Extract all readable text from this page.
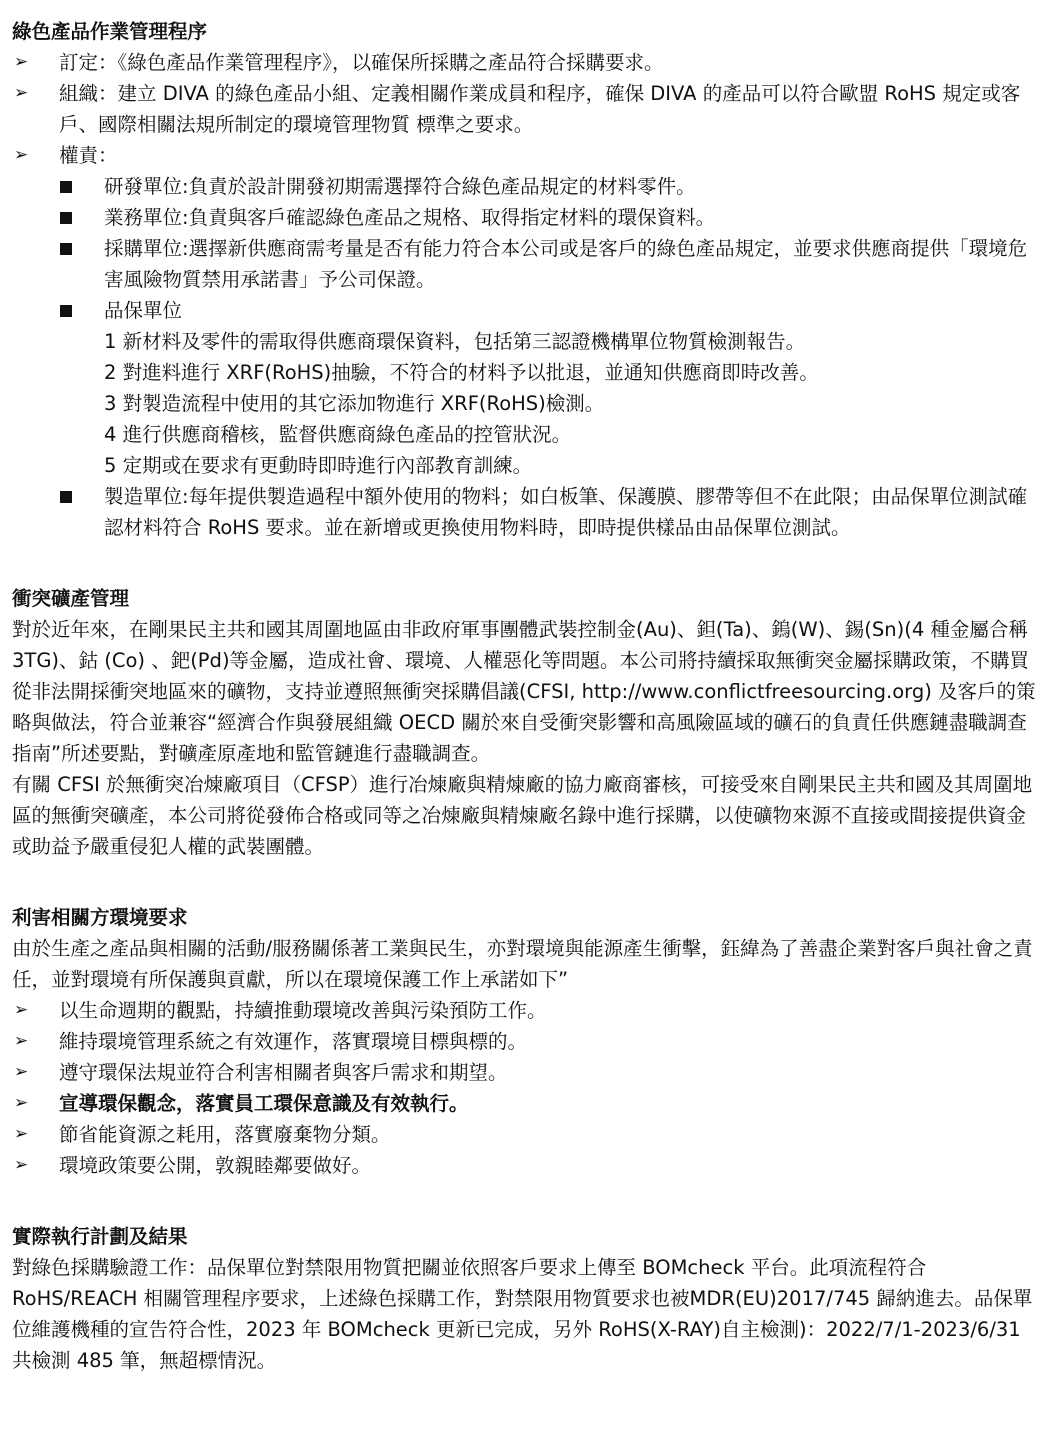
綠色產品作業管理程序
➢ 訂定：《綠色產品作業管理程序》，以確保所採購之產品符合採購要求。
➢ 組織：建立 DIVA 的綠色產品小組、定義相關作業成員和程序，確保 DIVA 的產品可以符合歐盟 RoHS 規定或客戶、國際相關法規所制定的環境管理物質 標準之要求。
➢ 權責：
研發單位:負責於設計開發初期需選擇符合綠色產品規定的材料零件。
業務單位:負責與客戶確認綠色產品之規格、取得指定材料的環保資料。
採購單位:選擇新供應商需考量是否有能力符合本公司或是客戶的綠色產品規定，並要求供應商提供「環境危害風險物質禁用承諾書」予公司保證。
品保單位
1 新材料及零件的需取得供應商環保資料，包括第三認證機構單位物質檢測報告。
2 對進料進行 XRF(RoHS)抽驗，不符合的材料予以批退，並通知供應商即時改善。
3 對製造流程中使用的其它添加物進行 XRF(RoHS)檢測。
4 進行供應商稽核，監督供應商綠色產品的控管狀況。
5 定期或在要求有更動時即時進行內部教育訓練。
製造單位:每年提供製造過程中額外使用的物料；如白板筆、保護膜、膠帶等但不在此限；由品保單位測試確認材料符合 RoHS 要求。並在新增或更換使用物料時，即時提供樣品由品保單位測試。
衝突礦產管理

對於近年來，在剛果民主共和國其周圍地區由非政府軍事團體武裝控制金(Au)、鉭(Ta)、鎢(W)、錫(Sn)(4 種金屬合稱 3TG)、鈷 (Co) 、鈀(Pd)等金屬，造成社會、環境、人權惡化等問題。本公司將持續採取無衝突金屬採購政策，不購買從非法開採衝突地區來的礦物，支持並遵照無衝突採購倡議(CFSI, http://www.conflictfreesourcing.org) 及客戶的策略與做法，符合並兼容“經濟合作與發展組織 OECD 關於來自受衝突影響和高風險區域的礦石的負責任供應鏈盡職調查指南”所述要點，對礦產原產地和監管鏈進行盡職調查。

有關 CFSI 於無衝突冶煉廠項目（CFSP）進行冶煉廠與精煉廠的協力廠商審核，可接受來自剛果民主共和國及其周圍地區的無衝突礦產，本公司將從發佈合格或同等之冶煉廠與精煉廠名錄中進行採購，以使礦物來源不直接或間接提供資金或助益予嚴重侵犯人權的武裝團體。

利害相關方環境要求

由於生產之產品與相關的活動/服務關係著工業與民生，亦對環境與能源產生衝擊，鈺緯為了善盡企業對客戶與社會之責任，並對環境有所保護與貢獻，所以在環境保護工作上承諾如下”

➢ 以生命週期的觀點，持續推動環境改善與污染預防工作。
➢ 維持環境管理系統之有效運作，落實環境目標與標的。
➢ 遵守環保法規並符合利害相關者與客戶需求和期望。
➢ 宣導環保觀念，落實員工環保意識及有效執行。
➢ 節省能資源之耗用，落實廢棄物分類。
➢ 環境政策要公開，敦親睦鄰要做好。
實際執行計劃及結果

對綠色採購驗證工作：品保單位對禁限用物質把關並依照客戶要求上傳至 BOMcheck 平台。此項流程符合 RoHS/REACH 相關管理程序要求，上述綠色採購工作，對禁限用物質要求也被MDR(EU)2017/745 歸納進去。品保單位維護機種的宣告符合性，2023 年 BOMcheck 更新已完成，另外 RoHS(X-RAY)自主檢測)：2022/7/1-2023/6/31 共檢測 485 筆，無超標情況。
